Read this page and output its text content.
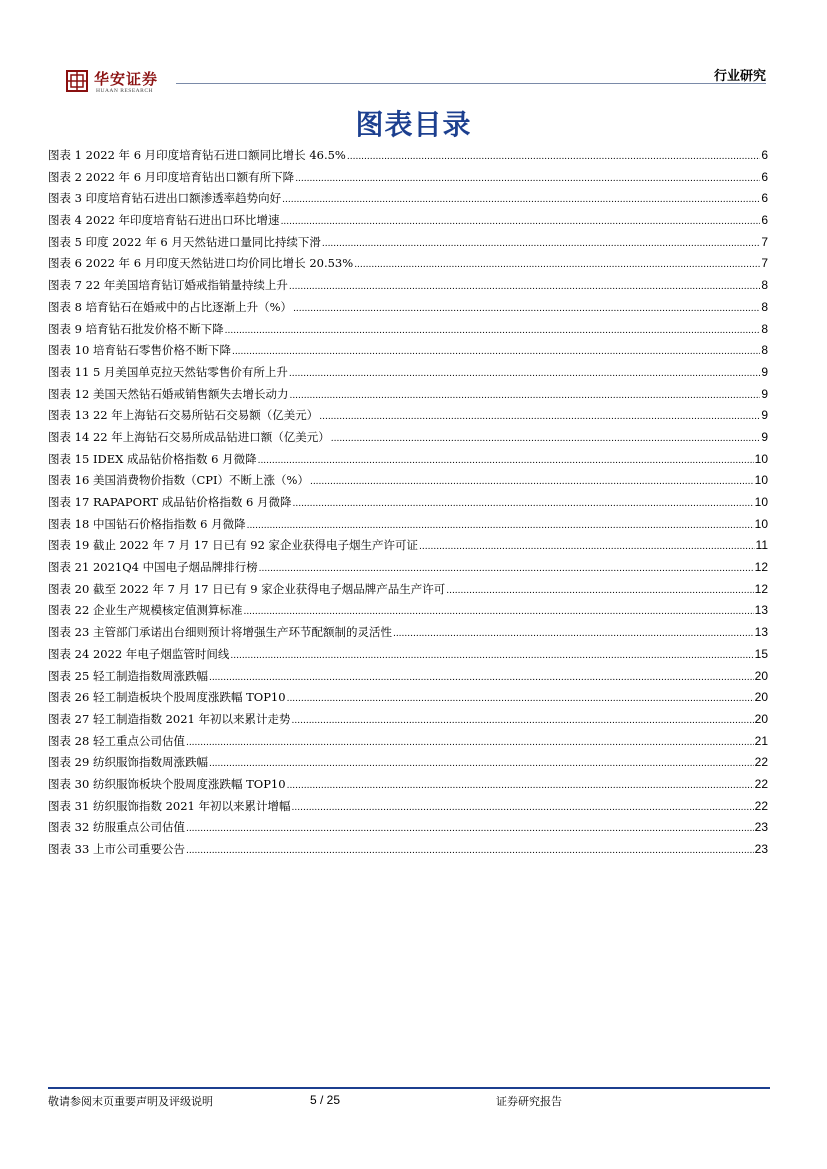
华安证券
HUAAN RESEARCH
行业研究
图表目录
图表 1 2022 年 6 月印度培育钻石进口额同比增长 46.5% .....	6
图表 2 2022 年 6 月印度培育钻出口额有所下降 .....	6
图表 3 印度培育钻石进出口额渗透率趋势向好 .....	6
图表 4 2022 年印度培育钻石进出口环比增速 .....	6
图表 5 印度 2022 年 6 月天然钻进口量同比持续下滑 .....	7
图表 6 2022 年 6 月印度天然钻进口均价同比增长 20.53% .....	7
图表 7 22 年美国培育钻订婚戒指销量持续上升 .....	8
图表 8 培育钻石在婚戒中的占比逐渐上升（%） .....	8
图表 9 培育钻石批发价格不断下降 .....	8
图表 10 培育钻石零售价格不断下降 .....	8
图表 11 5 月美国单克拉天然钻零售价有所上升 .....	9
图表 12 美国天然钻石婚戒销售额失去增长动力 .....	9
图表 13 22 年上海钻石交易所钻石交易额（亿美元） .....	9
图表 14 22 年上海钻石交易所成品钻进口额（亿美元） .....	9
图表 15 IDEX 成品钻价格指数 6 月微降 .....	10
图表 16 美国消费物价指数（CPI）不断上涨（%） .....	10
图表 17 RAPAPORT 成品钻价格指数 6 月微降 .....	10
图表 18 中国钻石价格指指数 6 月微降 .....	10
图表 19 截止 2022 年 7 月 17 日已有 92 家企业获得电子烟生产许可证 .....	11
图表 21 2021Q4 中国电子烟品牌排行榜 .....	12
图表 20 截至 2022 年 7 月 17 日已有 9 家企业获得电子烟品牌产品生产许可 .....	12
图表 22 企业生产规模核定值测算标准 .....	13
图表 23 主管部门承诺出台细则预计将增强生产环节配额制的灵活性 .....	13
图表 24 2022 年电子烟监管时间线 .....	15
图表 25 轻工制造指数周涨跌幅 .....	20
图表 26 轻工制造板块个股周度涨跌幅 TOP10 .....	20
图表 27 轻工制造指数 2021 年初以来累计走势 .....	20
图表 28 轻工重点公司估值 .....	21
图表 29 纺织服饰指数周涨跌幅 .....	22
图表 30 纺织服饰板块个股周度涨跌幅 TOP10 .....	22
图表 31 纺织服饰指数 2021 年初以来累计增幅 .....	22
图表 32 纺服重点公司估值 .....	23
图表 33 上市公司重要公告 .....	23
敬请参阅末页重要声明及评级说明	5 / 25	证券研究报告
